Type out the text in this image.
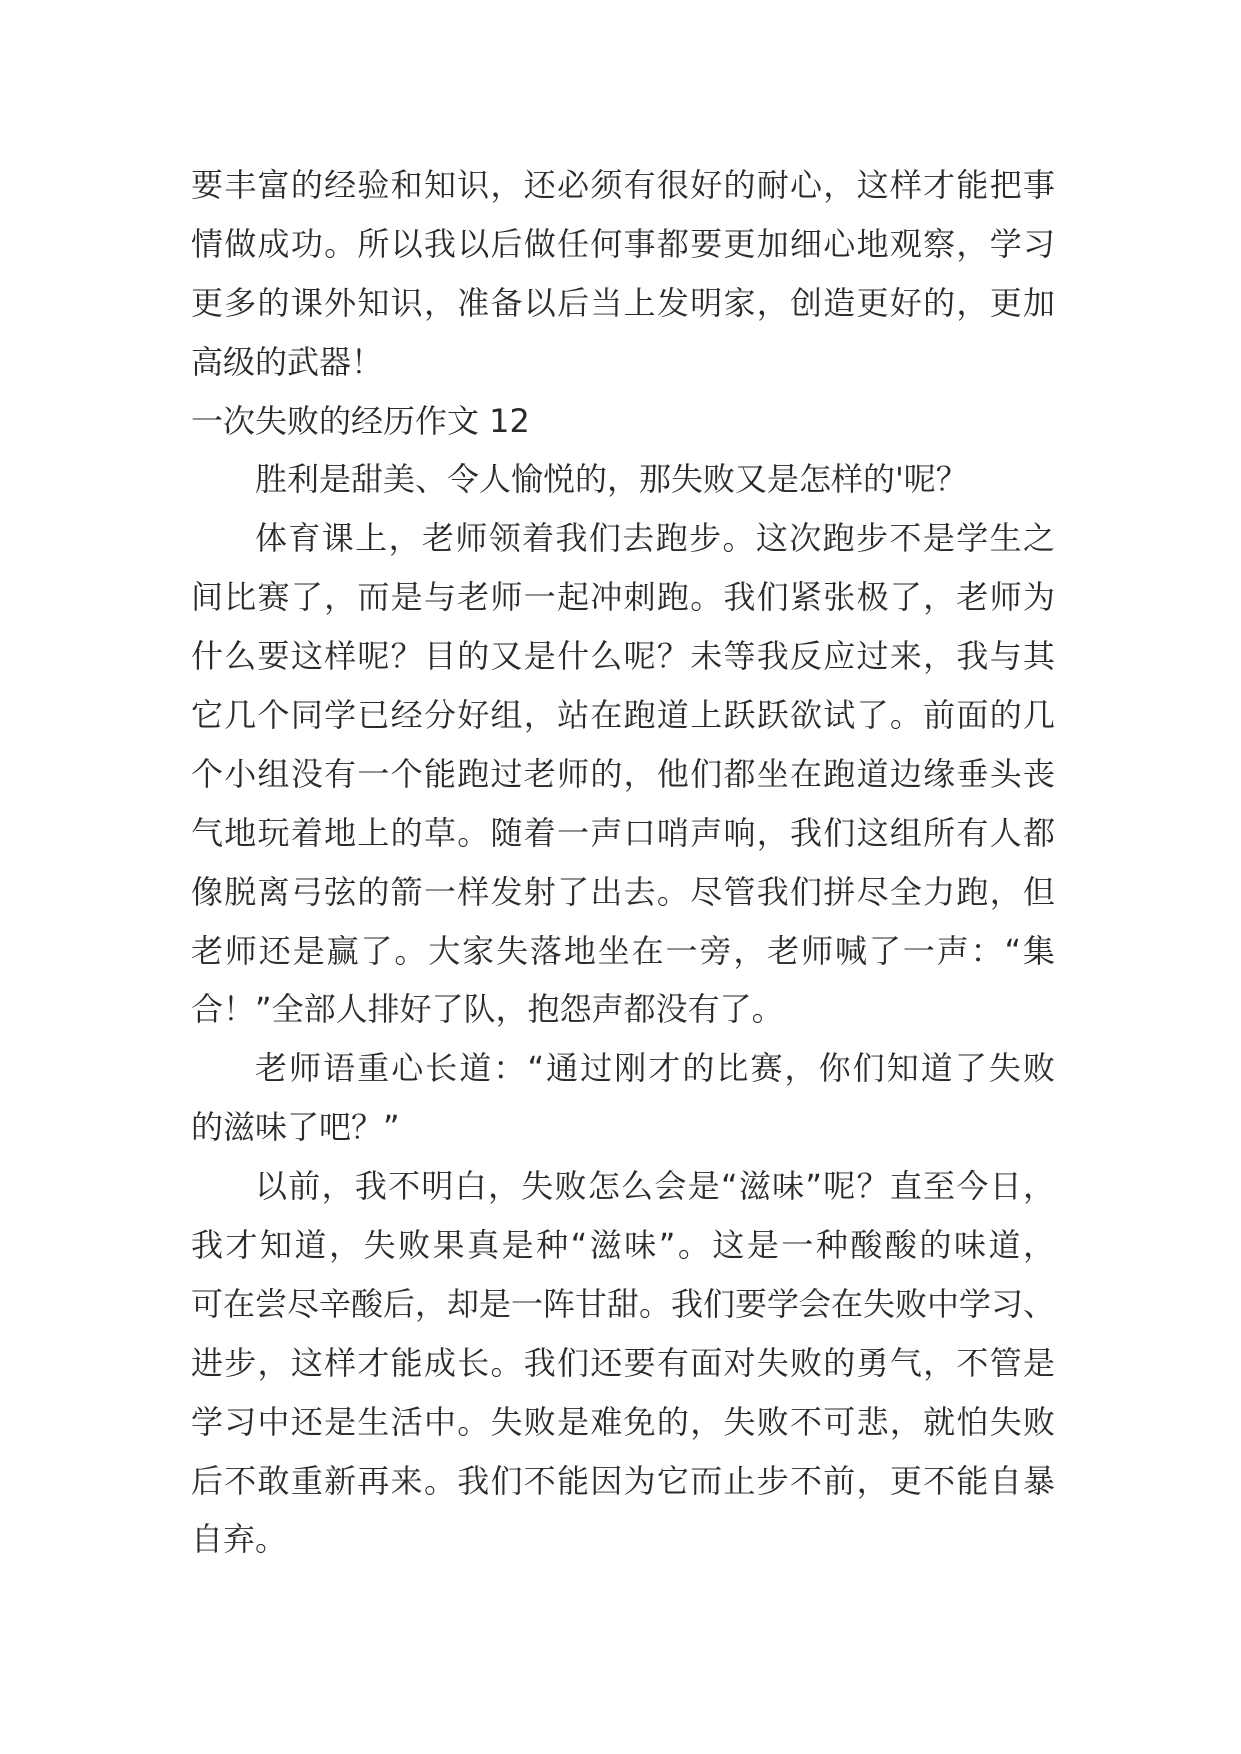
要丰富的经验和知识，还必须有很好的耐心，这样才能把事
情做成功。所以我以后做任何事都要更加细心地观察，学习
更多的课外知识，准备以后当上发明家，创造更好的，更加
高级的武器！
一次失败的经历作文 12
胜利是甜美、令人愉悦的，那失败又是怎样的'呢？
体育课上，老师领着我们去跑步。这次跑步不是学生之
间比赛了，而是与老师一起冲刺跑。我们紧张极了，老师为
什么要这样呢？目的又是什么呢？未等我反应过来，我与其
它几个同学已经分好组，站在跑道上跃跃欲试了。前面的几
个小组没有一个能跑过老师的，他们都坐在跑道边缘垂头丧
气地玩着地上的草。随着一声口哨声响，我们这组所有人都
像脱离弓弦的箭一样发射了出去。尽管我们拼尽全力跑，但
老师还是赢了。大家失落地坐在一旁，老师喊了一声：“集
合！”全部人排好了队，抱怨声都没有了。
老师语重心长道：“通过刚才的比赛，你们知道了失败
的滋味了吧？”
以前，我不明白，失败怎么会是“滋味”呢？直至今日，
我才知道，失败果真是种“滋味”。这是一种酸酸的味道，
可在尝尽辛酸后，却是一阵甘甜。我们要学会在失败中学习、
进步，这样才能成长。我们还要有面对失败的勇气，不管是
学习中还是生活中。失败是难免的，失败不可悲，就怕失败
后不敢重新再来。我们不能因为它而止步不前，更不能自暴
自弃。
